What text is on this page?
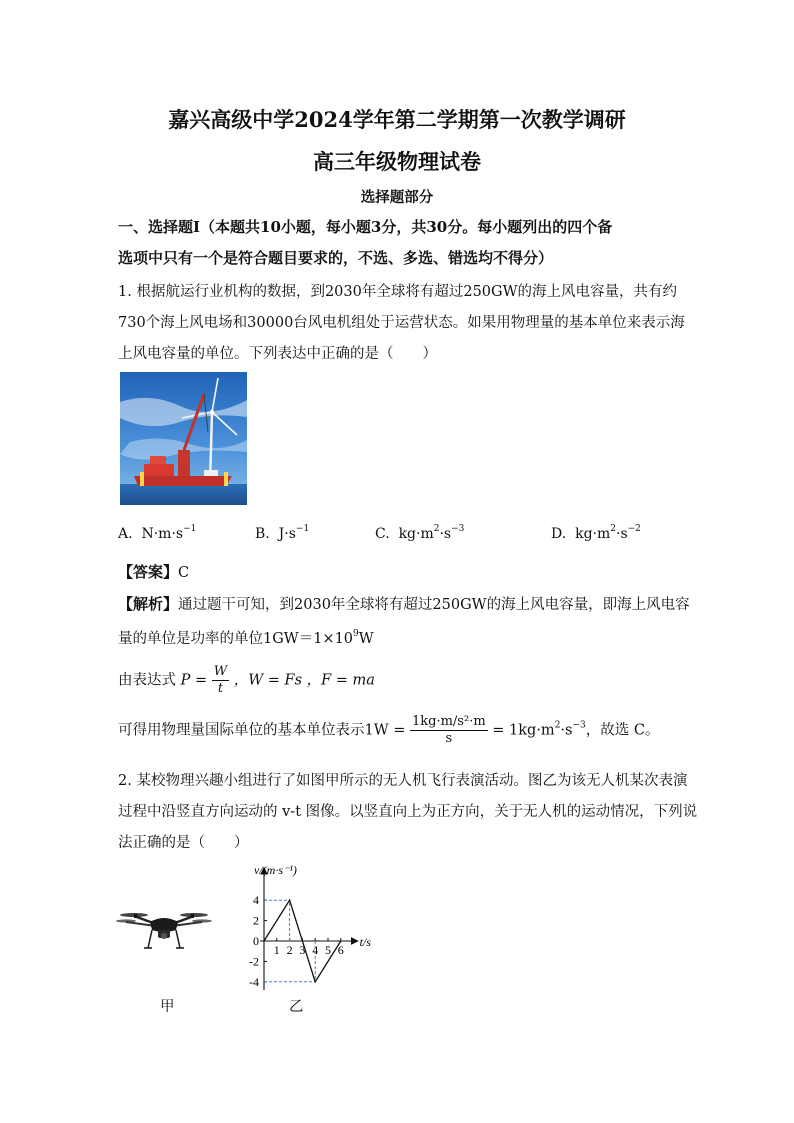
嘉兴高级中学2024学年第二学期第一次教学调研
高三年级物理试卷
选择题部分
一、选择题Ⅰ（本题共10小题，每小题3分，共30分。每小题列出的四个备
选项中只有一个是符合题目要求的，不选、多选、错选均不得分）
1. 根据航运行业机构的数据，到2030年全球将有超过250GW的海上风电容量，共有约
730个海上风电场和30000台风电机组处于运营状态。如果用物理量的基本单位来表示海
上风电容量的单位。下列表达中正确的是（　　）
A. $N\cdot m\cdot s^{-1}$	B. $J\cdot s^{-1}$	C. $kg\cdot m^2\cdot s^{-3}$	D. $kg\cdot m^2\cdot s^{-2}$
【答案】C
【解析】通过题干可知，到2030年全球将有超过250GW的海上风电容量，即海上风电容
量的单位是功率的单位$1GW=1\times 10^9W$
由表达式 $P = \frac{W}{t}$ ，W = Fs ，F = ma
可得用物理量国际单位的基本单位表示$1W = \frac{\text{1kg·m/s²·m}}{s} = 1kg\cdot m^2\cdot s^{-3}$，故选 C。
2. 某校物理兴趣小组进行了如图甲所示的无人机飞行表演活动。图乙为该无人机某次表演
过程中沿竖直方向运动的 v-t 图像。以竖直向上为正方向，关于无人机的运动情况，下列说
法正确的是（　　）
甲
v/(m·s⁻¹)
t/s
4
2
0
-2
-4
1 2 3 4 5 6
乙
